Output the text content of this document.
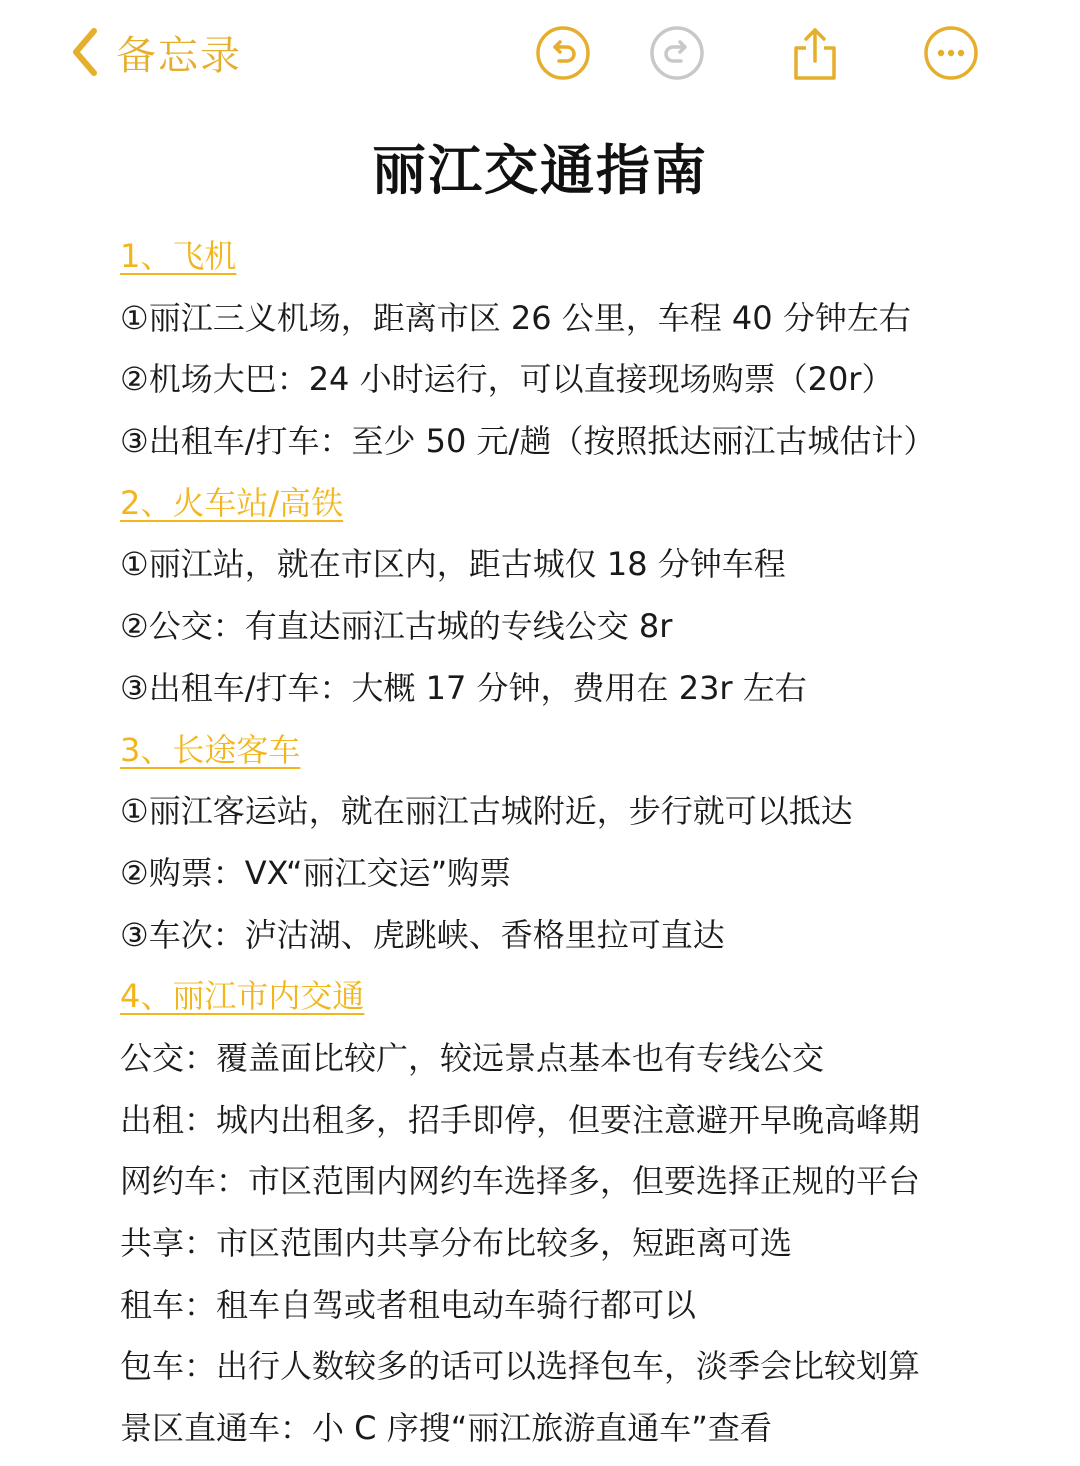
备忘录
丽江交通指南
1、飞机
①丽江三义机场，距离市区 26 公里，车程 40 分钟左右
②机场大巴：24 小时运行，可以直接现场购票（20r）
③出租车/打车：至少 50 元/趟（按照抵达丽江古城估计）
2、火车站/高铁
①丽江站，就在市区内，距古城仅 18 分钟车程
②公交：有直达丽江古城的专线公交 8r
③出租车/打车：大概 17 分钟，费用在 23r 左右
3、长途客车
①丽江客运站，就在丽江古城附近，步行就可以抵达
②购票：VX“丽江交运”购票
③车次：泸沽湖、虎跳峡、香格里拉可直达
4、丽江市内交通
公交：覆盖面比较广，较远景点基本也有专线公交
出租：城内出租多，招手即停，但要注意避开早晚高峰期
网约车：市区范围内网约车选择多，但要选择正规的平台
共享：市区范围内共享分布比较多，短距离可选
租车：租车自驾或者租电动车骑行都可以
包车：出行人数较多的话可以选择包车，淡季会比较划算
景区直通车：小 C 序搜“丽江旅游直通车”查看
